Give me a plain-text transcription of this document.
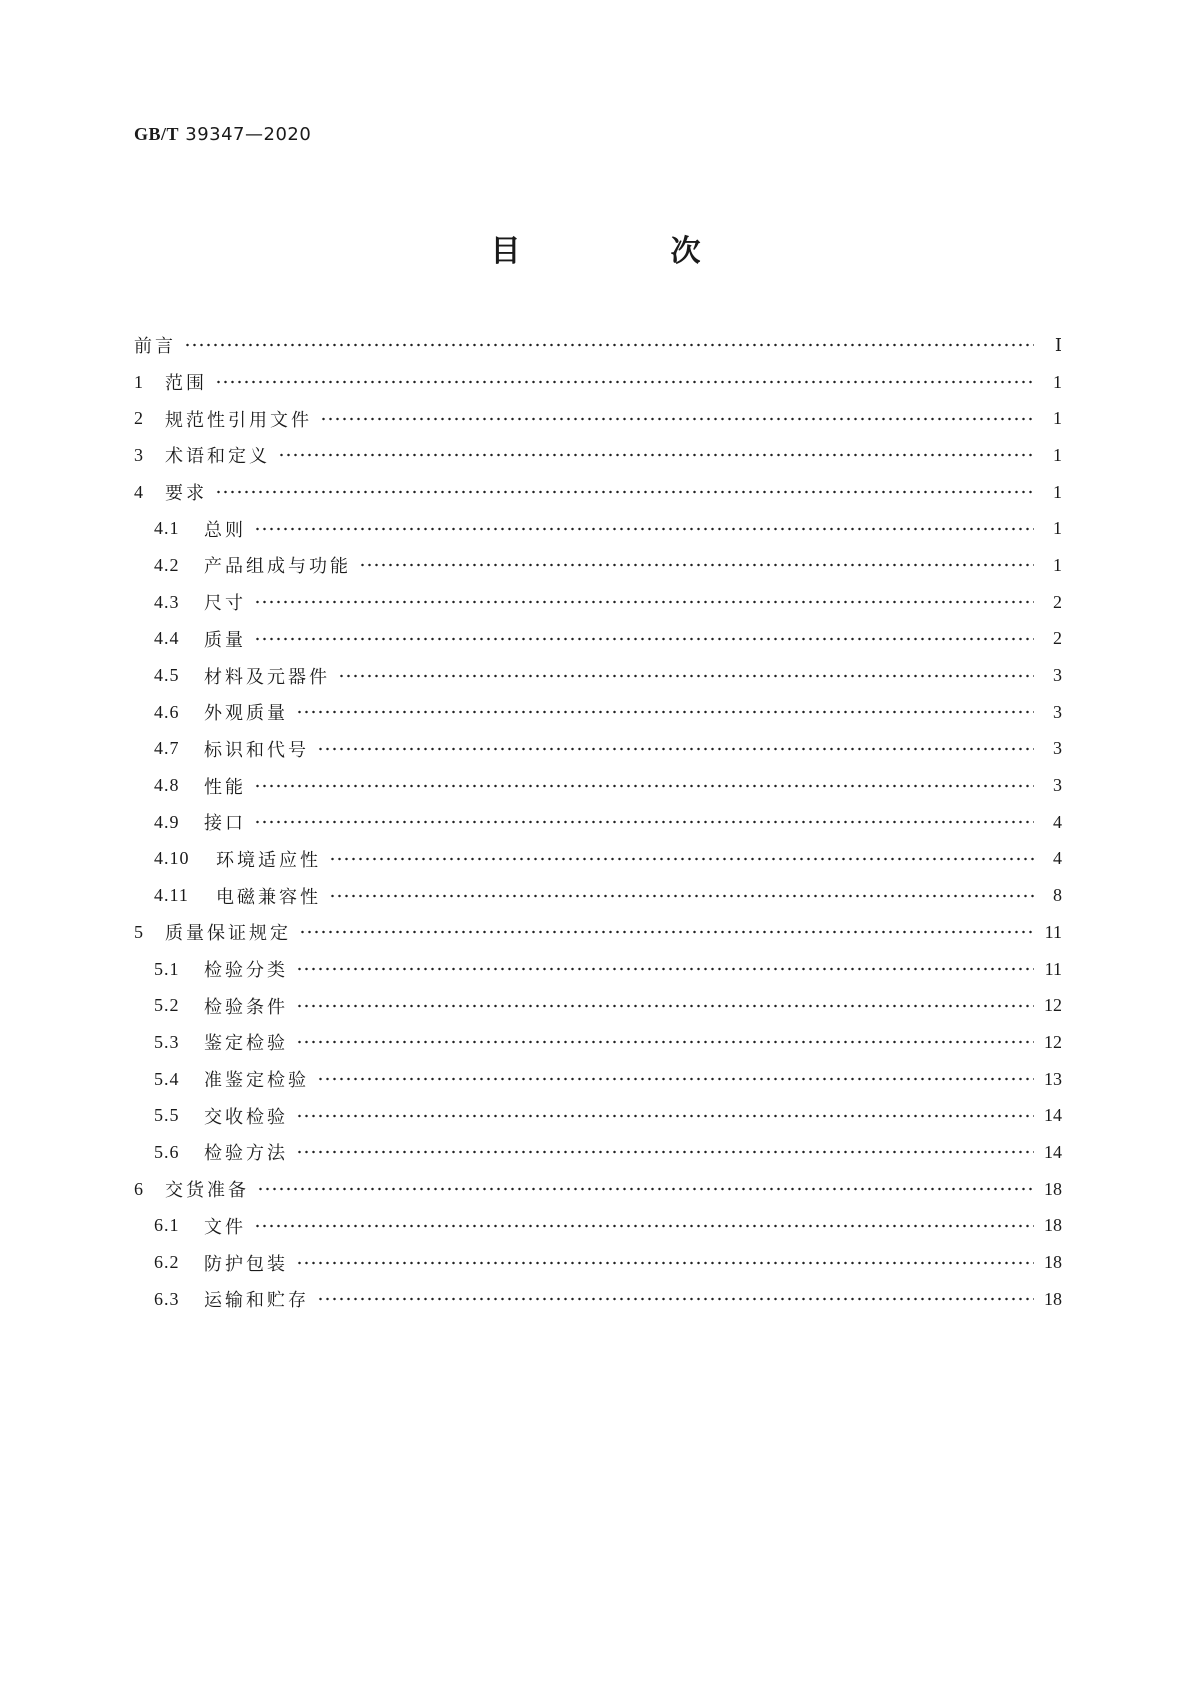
GB/T 39347—2020
目　次
前言	Ⅰ
1	范围	1
2	规范性引用文件	1
3	术语和定义	1
4	要求	1
4.1	总则	1
4.2	产品组成与功能	1
4.3	尺寸	2
4.4	质量	2
4.5	材料及元器件	3
4.6	外观质量	3
4.7	标识和代号	3
4.8	性能	3
4.9	接口	4
4.10	环境适应性	4
4.11	电磁兼容性	8
5	质量保证规定	11
5.1	检验分类	11
5.2	检验条件	12
5.3	鉴定检验	12
5.4	准鉴定检验	13
5.5	交收检验	14
5.6	检验方法	14
6	交货准备	18
6.1	文件	18
6.2	防护包装	18
6.3	运输和贮存	18
